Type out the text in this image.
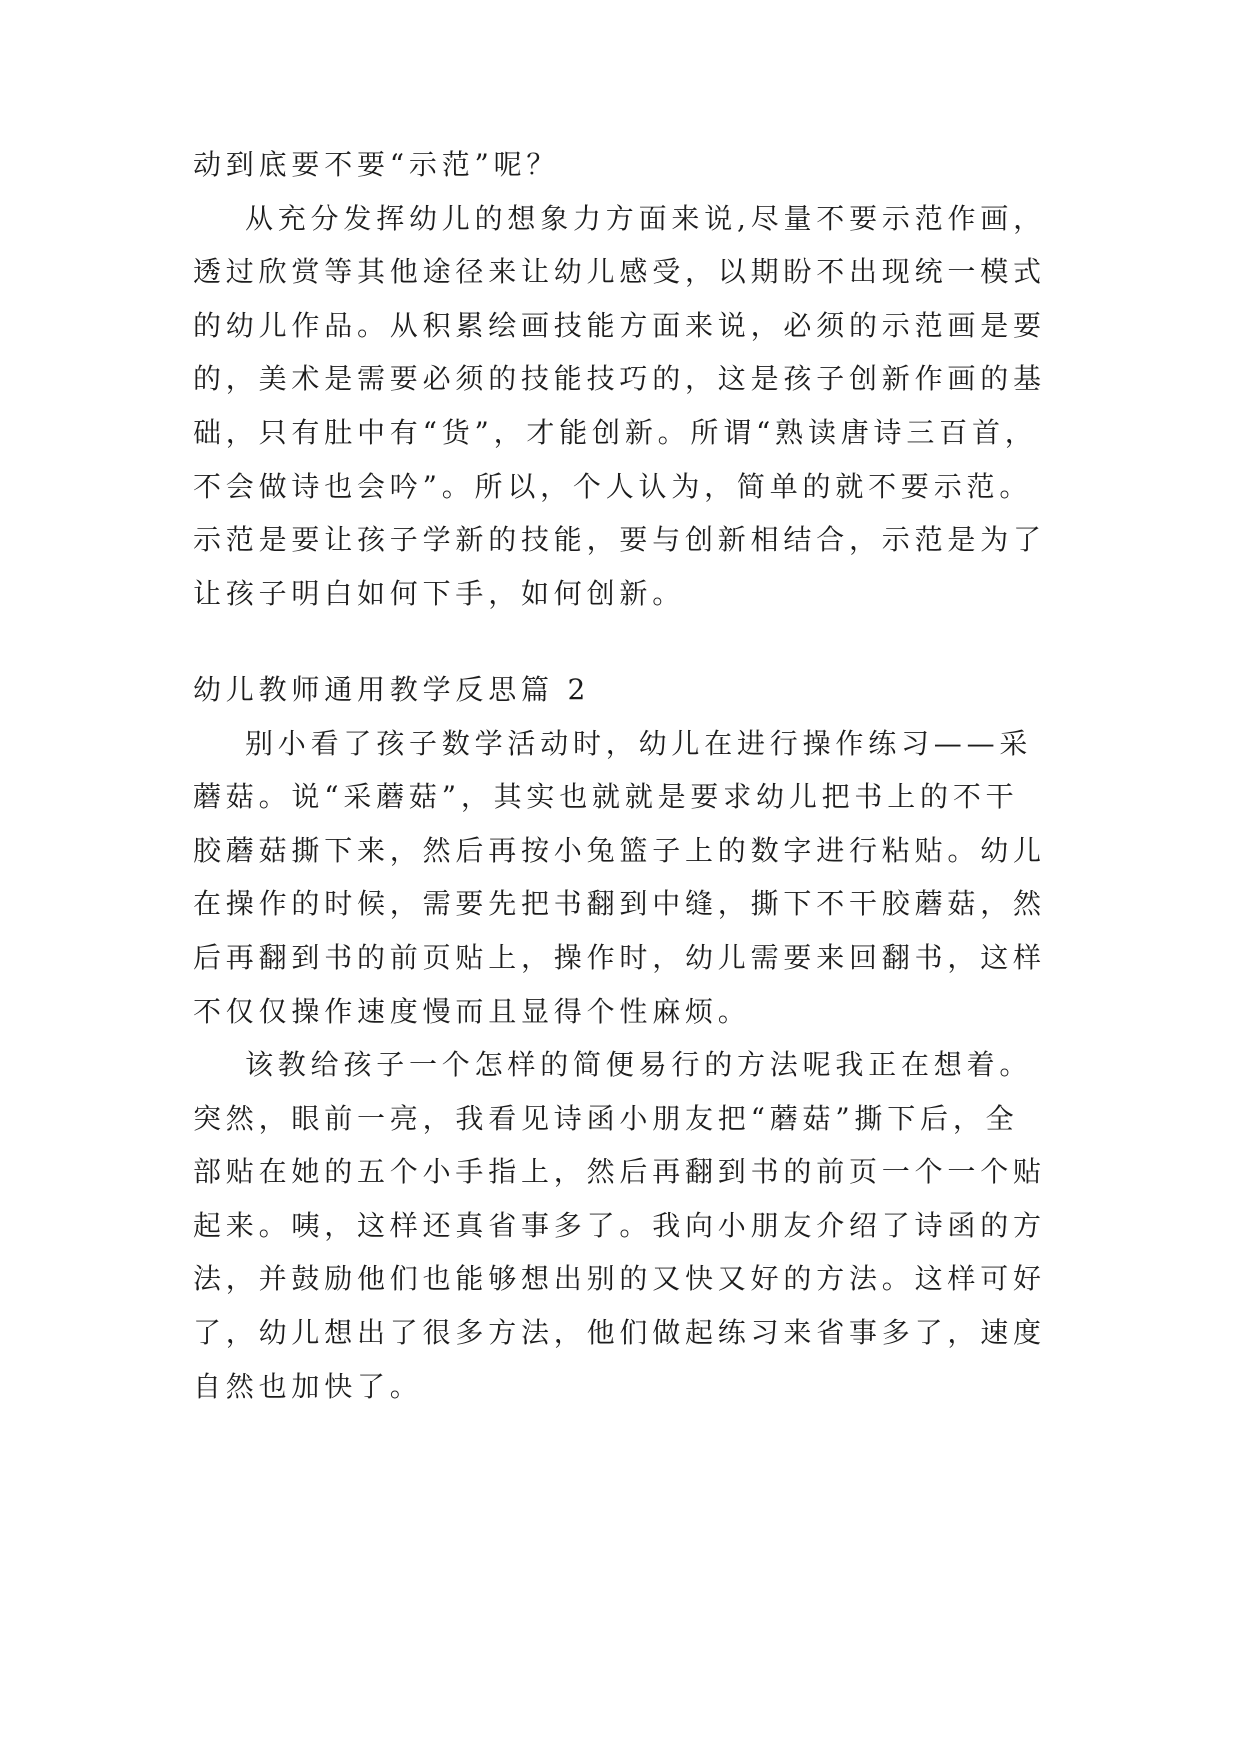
动到底要不要“示范”呢？
从充分发挥幼儿的想象力方面来说,尽量不要示范作画，
透过欣赏等其他途径来让幼儿感受，以期盼不出现统一模式
的幼儿作品。从积累绘画技能方面来说，必须的示范画是要
的，美术是需要必须的技能技巧的，这是孩子创新作画的基
础，只有肚中有“货”，才能创新。所谓“熟读唐诗三百首，
不会做诗也会吟”。所以，个人认为，简单的就不要示范。
示范是要让孩子学新的技能，要与创新相结合，示范是为了
让孩子明白如何下手，如何创新。
幼儿教师通用教学反思篇 2
别小看了孩子数学活动时，幼儿在进行操作练习——采
蘑菇。说“采蘑菇”，其实也就就是要求幼儿把书上的不干
胶蘑菇撕下来，然后再按小兔篮子上的数字进行粘贴。幼儿
在操作的时候，需要先把书翻到中缝，撕下不干胶蘑菇，然
后再翻到书的前页贴上，操作时，幼儿需要来回翻书，这样
不仅仅操作速度慢而且显得个性麻烦。
该教给孩子一个怎样的简便易行的方法呢我正在想着。
突然，眼前一亮，我看见诗函小朋友把“蘑菇”撕下后，全
部贴在她的五个小手指上，然后再翻到书的前页一个一个贴
起来。咦，这样还真省事多了。我向小朋友介绍了诗函的方
法，并鼓励他们也能够想出别的又快又好的方法。这样可好
了，幼儿想出了很多方法，他们做起练习来省事多了，速度
自然也加快了。
